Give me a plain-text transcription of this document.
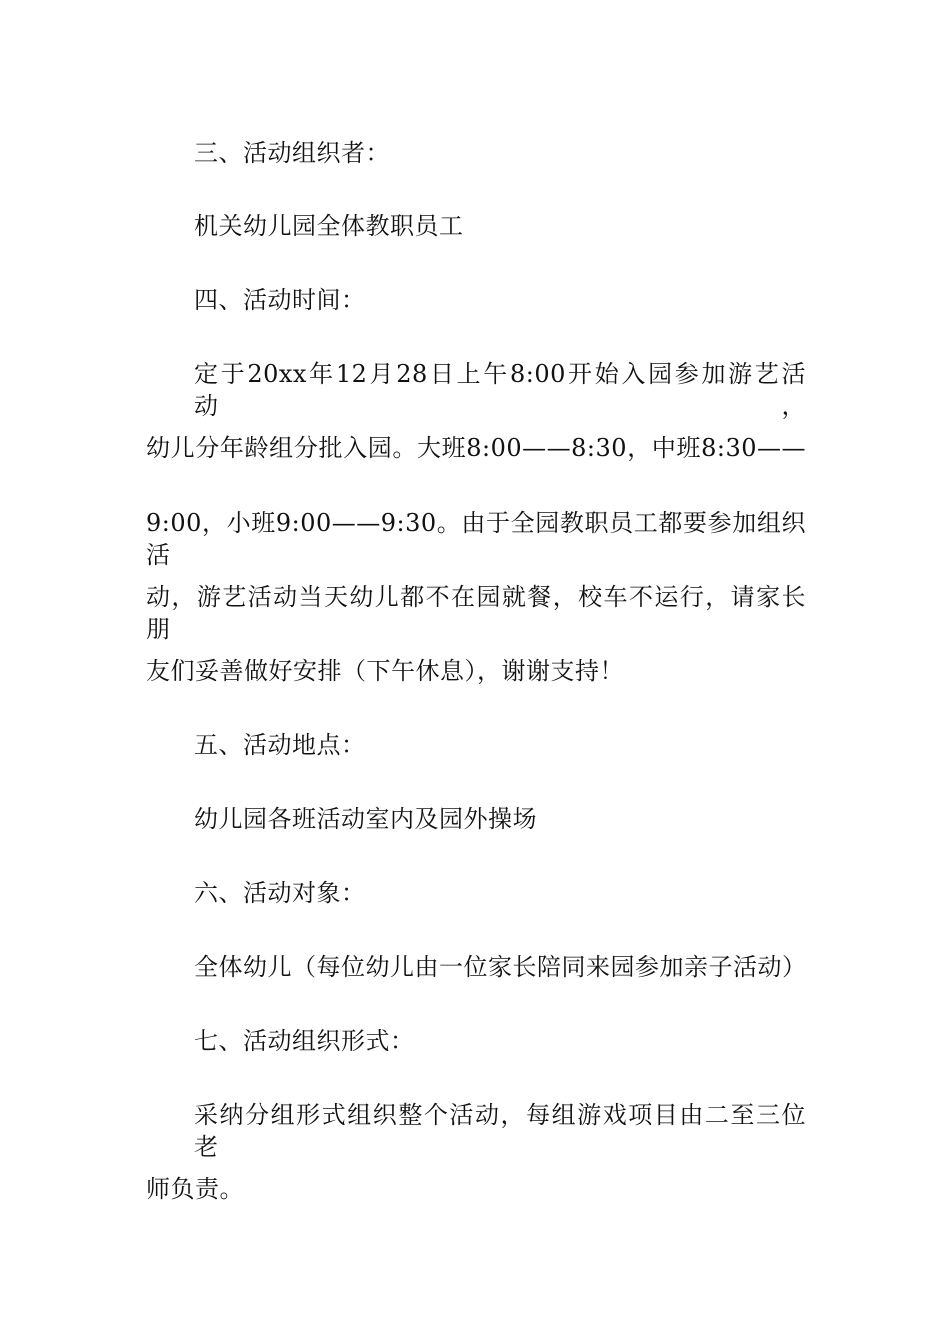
三、活动组织者：
机关幼儿园全体教职员工
四、活动时间：
定于20xx年12月28日上午8:00开始入园参加游艺活动，
幼儿分年龄组分批入园。大班8:00——8:30，中班8:30——
9:00，小班9:00——9:30。由于全园教职员工都要参加组织活
动，游艺活动当天幼儿都不在园就餐，校车不运行，请家长朋
友们妥善做好安排（下午休息），谢谢支持！
五、活动地点：
幼儿园各班活动室内及园外操场
六、活动对象：
全体幼儿（每位幼儿由一位家长陪同来园参加亲子活动）
七、活动组织形式：
采纳分组形式组织整个活动，每组游戏项目由二至三位老
师负责。
